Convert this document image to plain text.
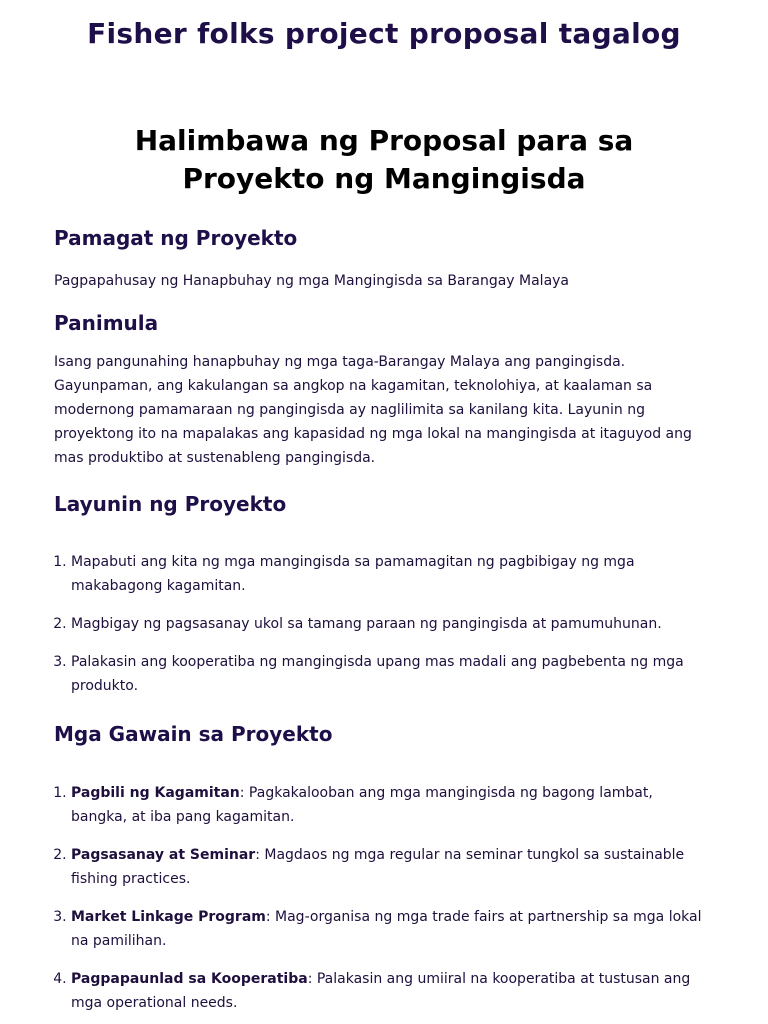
Fisher folks project proposal tagalog
Halimbawa ng Proposal para sa Proyekto ng Mangingisda
Pamagat ng Proyekto

Pagpapahusay ng Hanapbuhay ng mga Mangingisda sa Barangay Malaya

Panimula

Isang pangunahing hanapbuhay ng mga taga-Barangay Malaya ang pangingisda. Gayunpaman, ang kakulangan sa angkop na kagamitan, teknolohiya, at kaalaman sa modernong pamamaraan ng pangingisda ay naglilimita sa kanilang kita. Layunin ng proyektong ito na mapalakas ang kapasidad ng mga lokal na mangingisda at itaguyod ang mas produktibo at sustenableng pangingisda.

Layunin ng Proyekto
1. Mapabuti ang kita ng mga mangingisda sa pamamagitan ng pagbibigay ng mga makabagong kagamitan.
2. Magbigay ng pagsasanay ukol sa tamang paraan ng pangingisda at pamumuhunan.
3. Palakasin ang kooperatiba ng mangingisda upang mas madali ang pagbebenta ng mga produkto.
Mga Gawain sa Proyekto
1. Pagbili ng Kagamitan: Pagkakalooban ang mga mangingisda ng bagong lambat, bangka, at iba pang kagamitan.
2. Pagsasanay at Seminar: Magdaos ng mga regular na seminar tungkol sa sustainable fishing practices.
3. Market Linkage Program: Mag-organisa ng mga trade fairs at partnership sa mga lokal na pamilihan.
4. Pagpapaunlad sa Kooperatiba: Palakasin ang umiiral na kooperatiba at tustusan ang mga operational needs.
